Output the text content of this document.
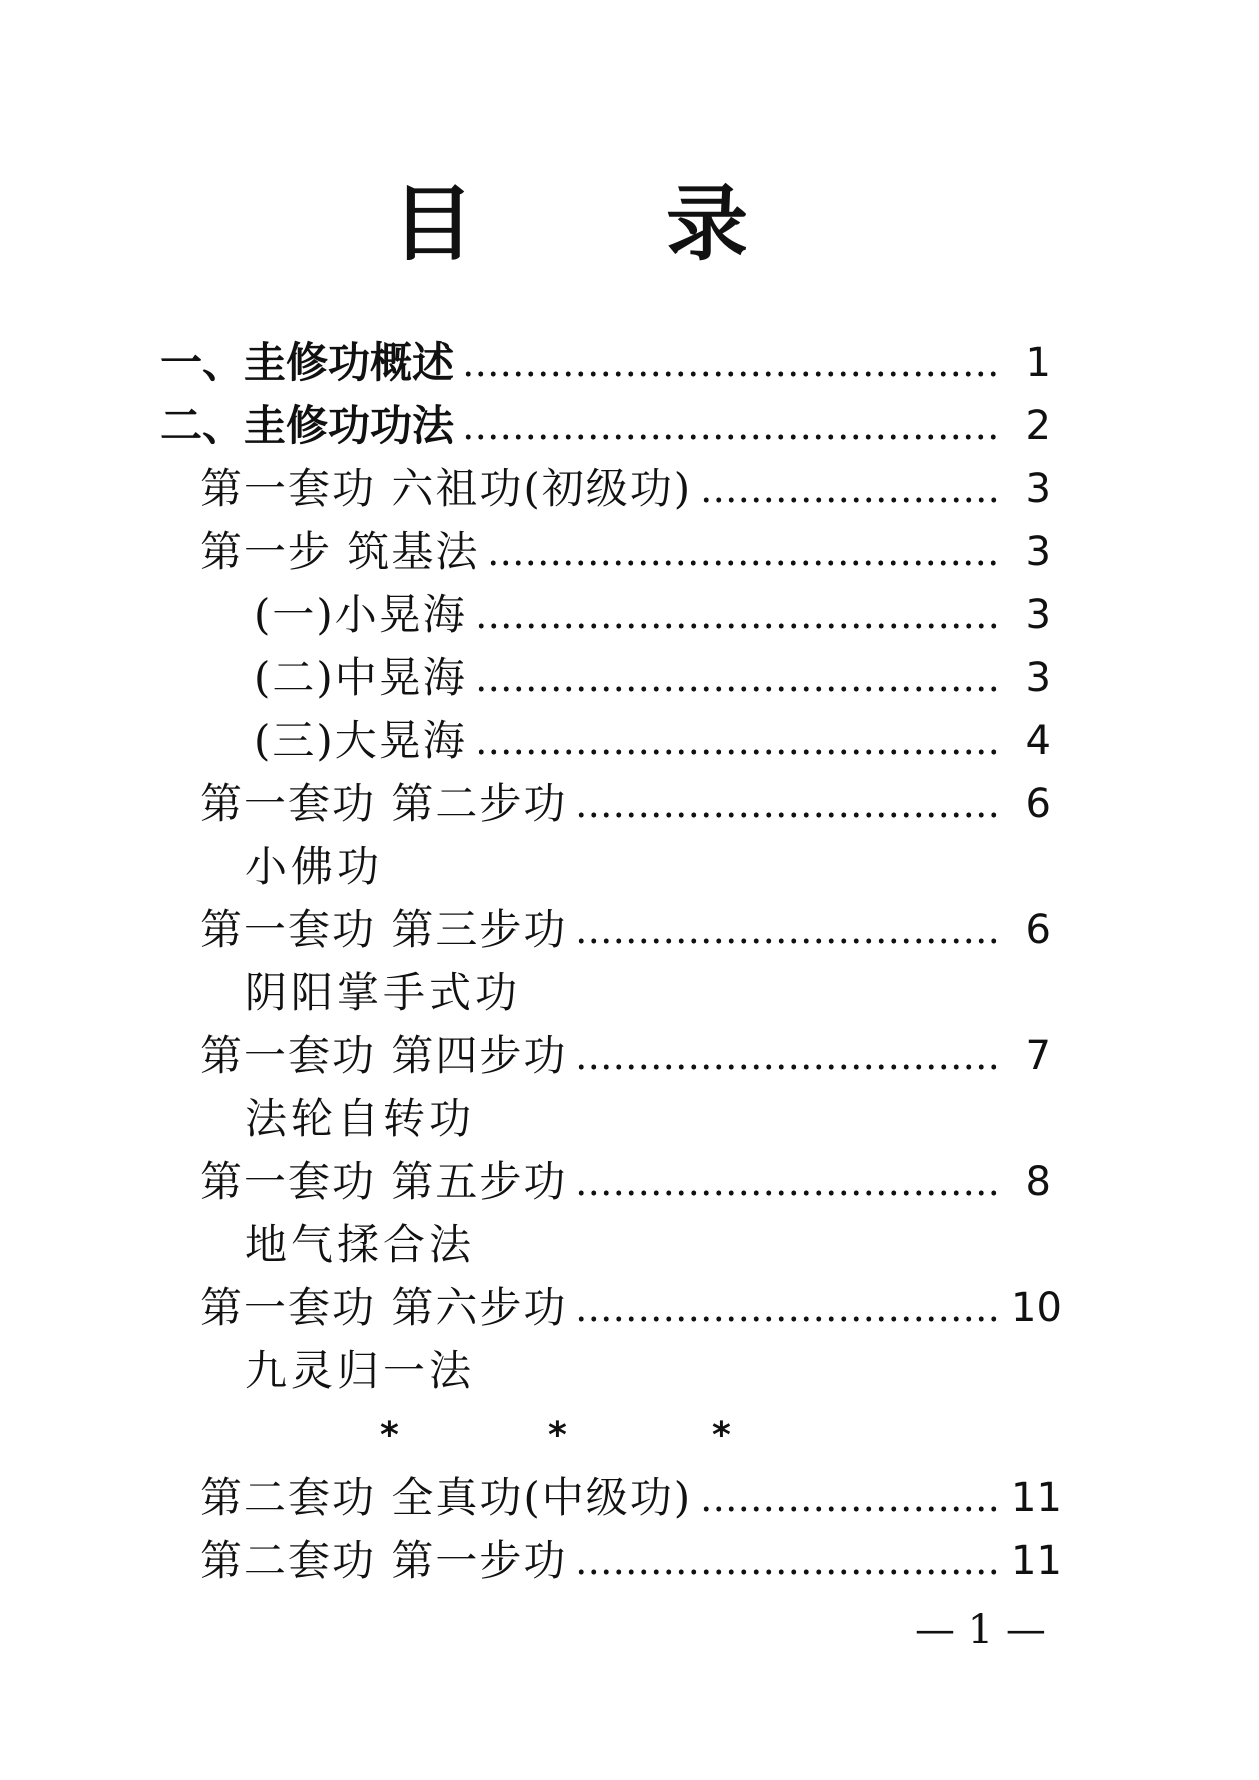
目 录
一、圭修功概述	1
二、圭修功功法	2
第一套功 六祖功(初级功)	3
第一步 筑基法	3
(一)小晃海	3
(二)中晃海	3
(三)大晃海	4
第一套功 第二步功	6
小佛功
第一套功 第三步功	6
阴阳掌手式功
第一套功 第四步功	7
法轮自转功
第一套功 第五步功	8
地气揉合法
第一套功 第六步功	10
九灵归一法
*	*	*
第二套功 全真功(中级功)	11
第二套功 第一步功	11
— 1 —
